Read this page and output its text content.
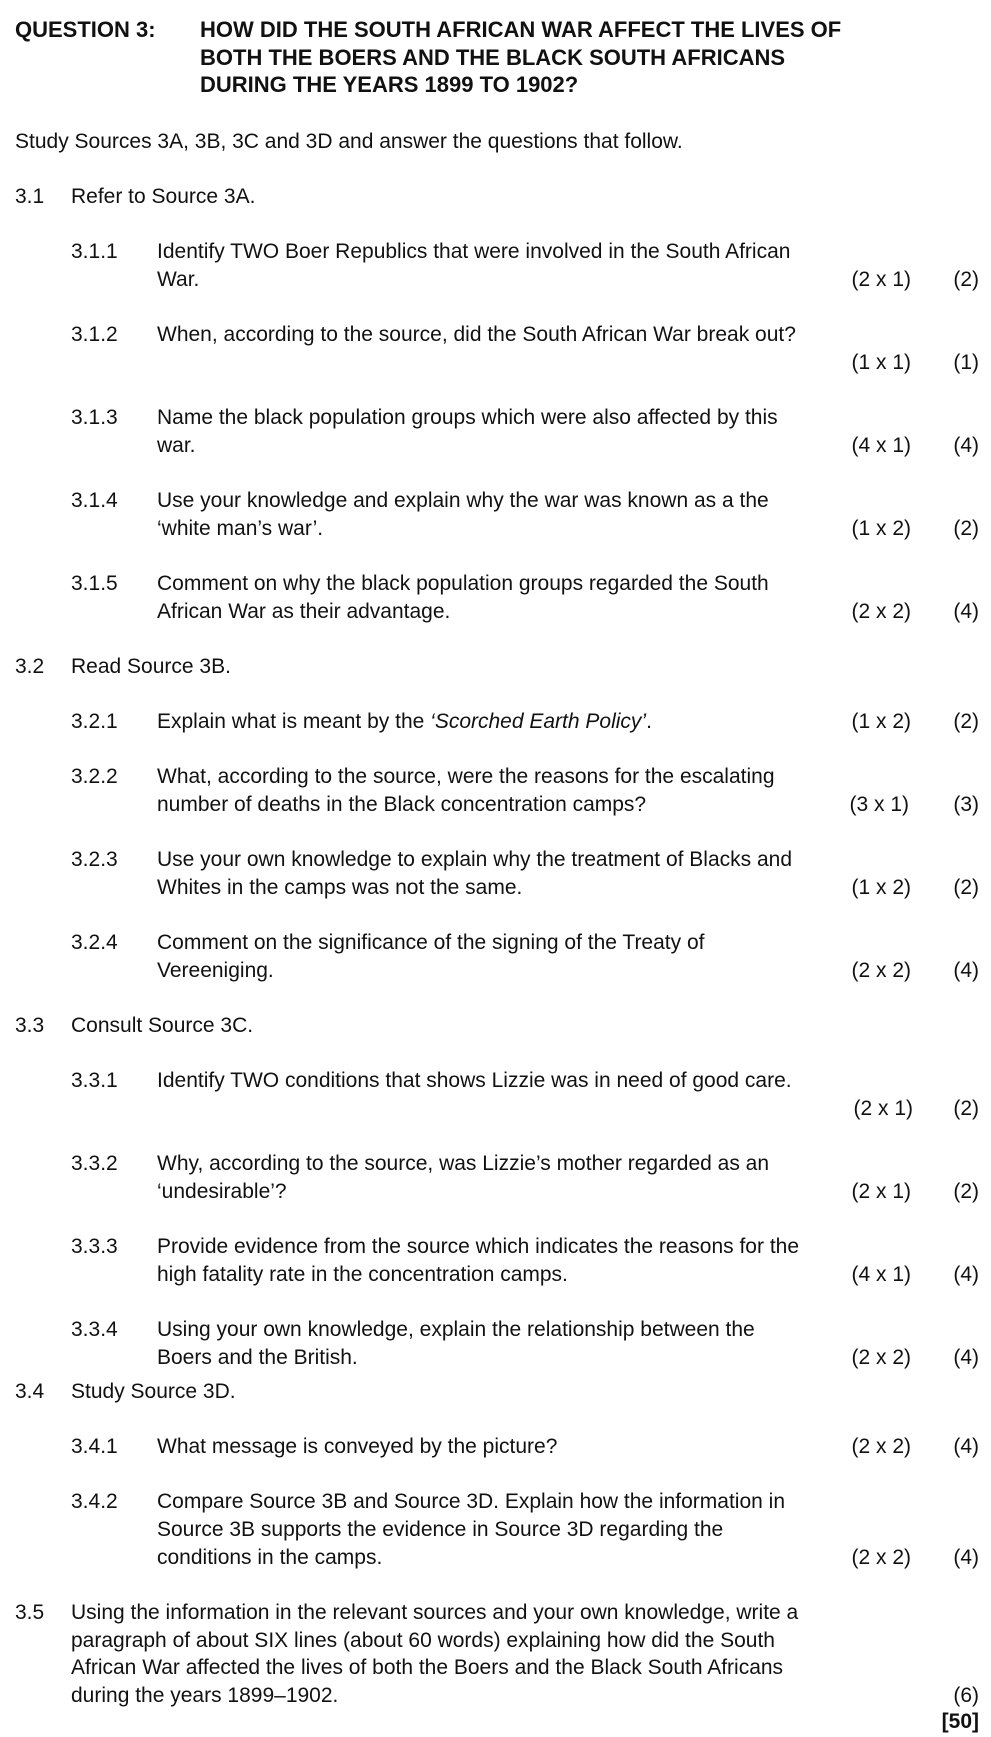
QUESTION 3: HOW DID THE SOUTH AFRICAN WAR AFFECT THE LIVES OF
BOTH THE BOERS AND THE BLACK SOUTH AFRICANS
DURING THE YEARS 1899 TO 1902?
Study Sources 3A, 3B, 3C and 3D and answer the questions that follow.
3.1 Refer to Source 3A.
3.1.1 Identify TWO Boer Republics that were involved in the South African
War.	(2 x 1) (2)
3.1.2 When, according to the source, did the South African War break out?
(1 x 1) (1)
3.1.3 Name the black population groups which were also affected by this
war.	(4 x 1) (4)
3.1.4 Use your knowledge and explain why the war was known as a the
‘white man’s war’.	(1 x 2) (2)
3.1.5 Comment on why the black population groups regarded the South
African War as their advantage.	(2 x 2) (4)
3.2 Read Source 3B.
3.2.1 Explain what is meant by the ‘Scorched Earth Policy’.	(1 x 2) (2)
3.2.2 What, according to the source, were the reasons for the escalating
number of deaths in the Black concentration camps?	(3 x 1) (3)
3.2.3 Use your own knowledge to explain why the treatment of Blacks and
Whites in the camps was not the same.	(1 x 2) (2)
3.2.4 Comment on the significance of the signing of the Treaty of
Vereeniging.	(2 x 2) (4)
3.3 Consult Source 3C.
3.3.1 Identify TWO conditions that shows Lizzie was in need of good care.
(2 x 1) (2)
3.3.2 Why, according to the source, was Lizzie’s mother regarded as an
‘undesirable’?	(2 x 1) (2)
3.3.3 Provide evidence from the source which indicates the reasons for the
high fatality rate in the concentration camps.	(4 x 1) (4)
3.3.4 Using your own knowledge, explain the relationship between the
Boers and the British.	(2 x 2) (4)
3.4 Study Source 3D.
3.4.1 What message is conveyed by the picture?	(2 x 2) (4)
3.4.2 Compare Source 3B and Source 3D. Explain how the information in
Source 3B supports the evidence in Source 3D regarding the
conditions in the camps.	(2 x 2) (4)
3.5 Using the information in the relevant sources and your own knowledge, write a
paragraph of about SIX lines (about 60 words) explaining how did the South
African War affected the lives of both the Boers and the Black South Africans
during the years 1899–1902.	(6)
[50]
